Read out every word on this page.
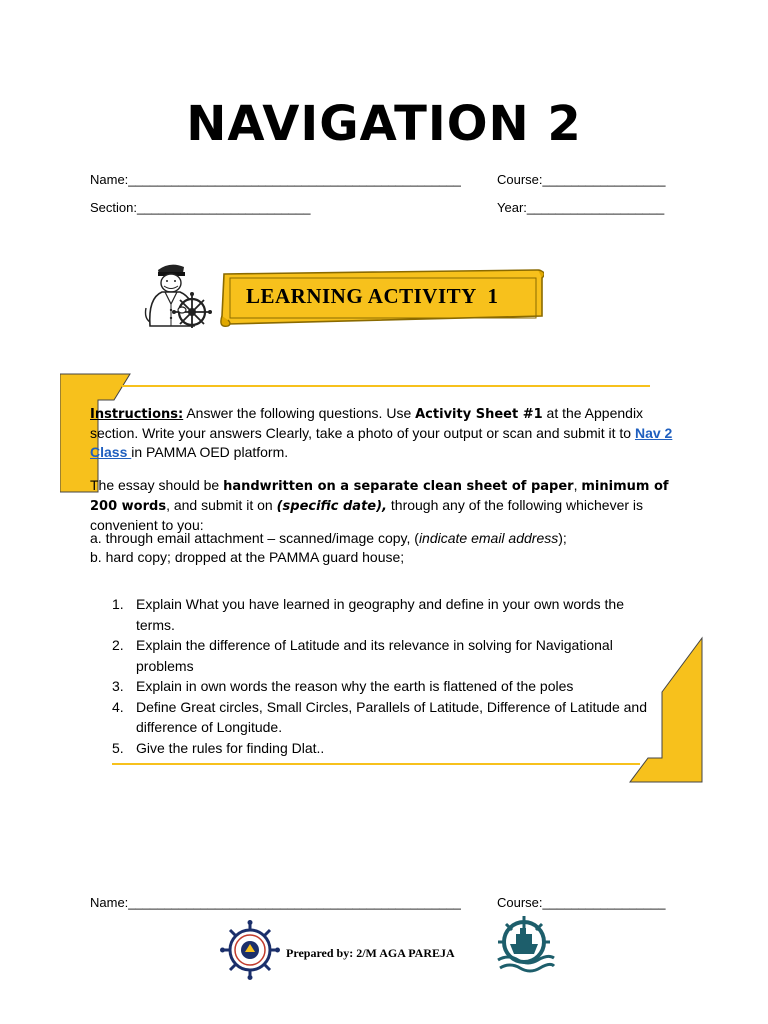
NAVIGATION 2
Name:______________________________________________	Course:_________________
Section:________________________	Year:___________________
LEARNING ACTIVITY  1
Instructions: Answer the following questions. Use Activity Sheet #1 at the Appendix section. Write your answers Clearly, take a photo of your output or scan and submit it to Nav 2 Class in PAMMA OED platform.
The essay should be handwritten on a separate clean sheet of paper, minimum of 200 words, and submit it on (specific date), through any of the following whichever is convenient to you:
a. through email attachment – scanned/image copy, (indicate email address);
b. hard copy; dropped at the PAMMA guard house;
1. Explain What you have learned in geography and define in your own words the terms.
2. Explain the difference of Latitude and its relevance in solving for Navigational problems
3. Explain in own words the reason why the earth is flattened of the poles
4. Define Great circles, Small Circles, Parallels of Latitude, Difference of Latitude and difference of Longitude.
5. Give the rules for finding Dlat..
Name:______________________________________________	Course:_________________
Prepared by: 2/M AGA PAREJA
